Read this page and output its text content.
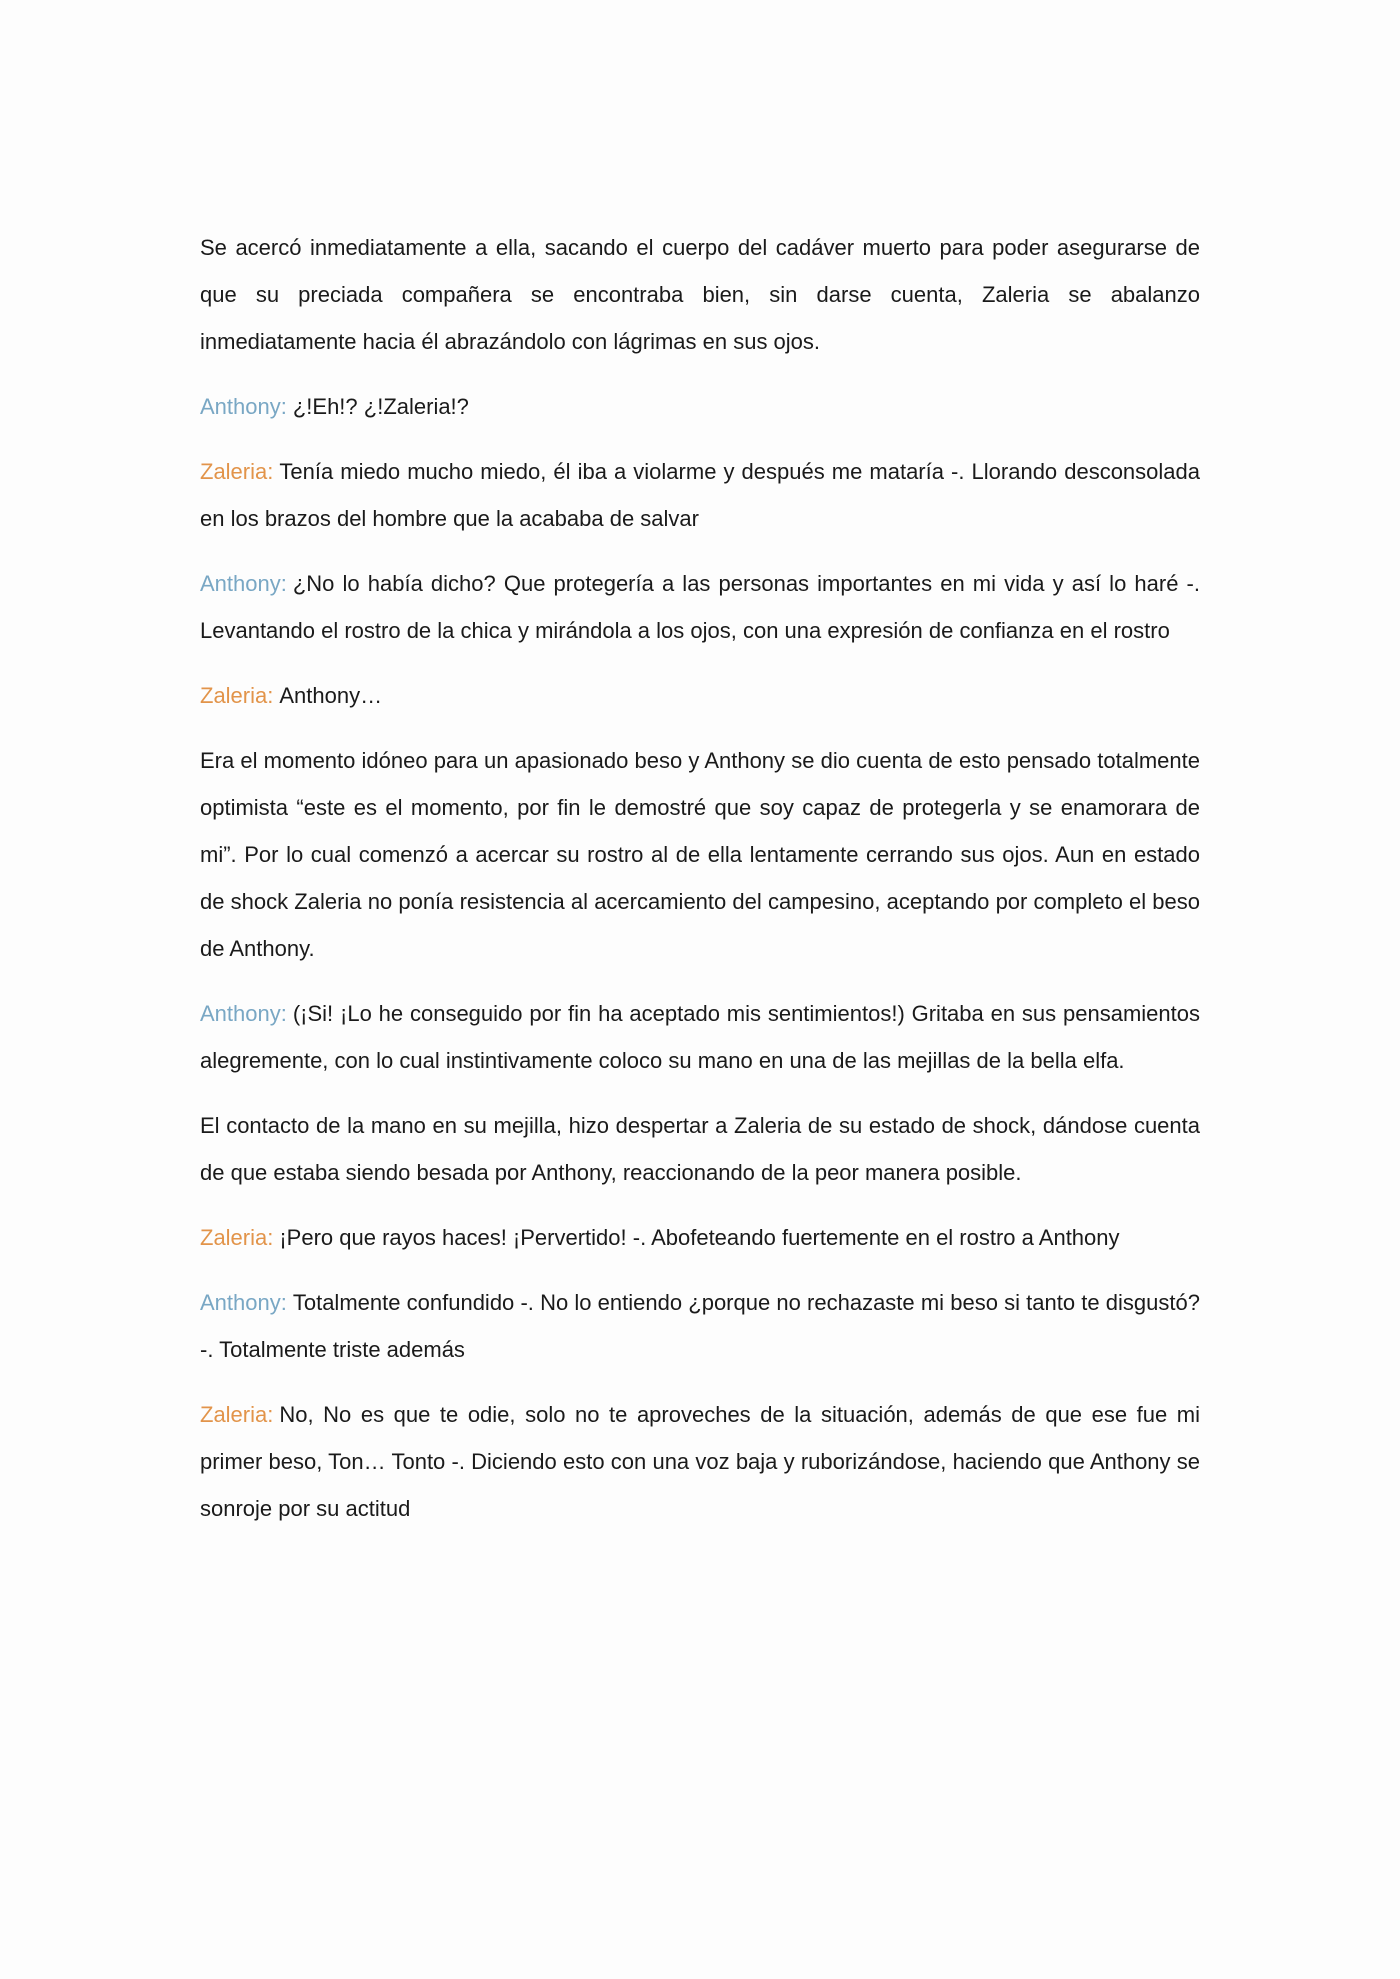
Se acercó inmediatamente a ella, sacando el cuerpo del cadáver muerto para poder asegurarse de que su preciada compañera se encontraba bien, sin darse cuenta, Zaleria se abalanzo inmediatamente hacia él abrazándolo con lágrimas en sus ojos.

Anthony: ¿!Eh!? ¿!Zaleria!?

Zaleria: Tenía miedo mucho miedo, él iba a violarme y después me mataría -. Llorando desconsolada en los brazos del hombre que la acababa de salvar

Anthony: ¿No lo había dicho? Que protegería a las personas importantes en mi vida y así lo haré -. Levantando el rostro de la chica y mirándola a los ojos, con una expresión de confianza en el rostro

Zaleria: Anthony…

Era el momento idóneo para un apasionado beso y Anthony se dio cuenta de esto pensado totalmente optimista “este es el momento, por fin le demostré que soy capaz de protegerla y se enamorara de mi”. Por lo cual comenzó a acercar su rostro al de ella lentamente cerrando sus ojos. Aun en estado de shock Zaleria no ponía resistencia al acercamiento del campesino, aceptando por completo el beso de Anthony.

Anthony: (¡Si! ¡Lo he conseguido por fin ha aceptado mis sentimientos!) Gritaba en sus pensamientos alegremente, con lo cual instintivamente coloco su mano en una de las mejillas de la bella elfa.

El contacto de la mano en su mejilla, hizo despertar a Zaleria de su estado de shock, dándose cuenta de que estaba siendo besada por Anthony, reaccionando de la peor manera posible.

Zaleria: ¡Pero que rayos haces! ¡Pervertido! -. Abofeteando fuertemente en el rostro a Anthony

Anthony: Totalmente confundido -. No lo entiendo ¿porque no rechazaste mi beso si tanto te disgustó? -. Totalmente triste además

Zaleria: No, No es que te odie, solo no te aproveches de la situación, además de que ese fue mi primer beso, Ton… Tonto -. Diciendo esto con una voz baja y ruborizándose, haciendo que Anthony se sonroje por su actitud
